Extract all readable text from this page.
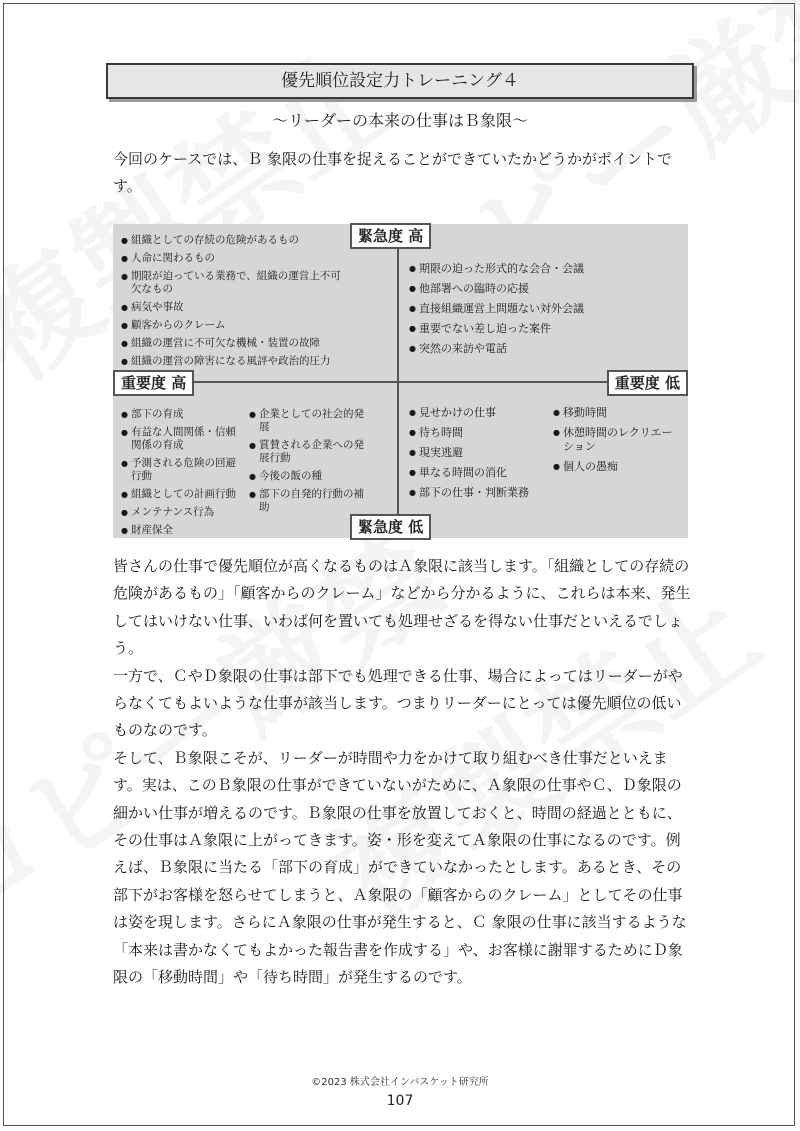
優先順位設定力トレーニング４
～リーダーの本来の仕事はＢ象限～
今回のケースでは、Ｂ 象限の仕事を捉えることができていたかどうかがポイントです。
緊急度 高
緊急度 低
重要度 高	重要度 低
● 組織としての存続の危険があるもの
● 人命に関わるもの
● 期限が迫っている業務で、組織の運営上不可欠なもの
● 病気や事故
● 顧客からのクレーム
● 組織の運営に不可欠な機械・装置の故障
● 組織の運営の障害になる風評や政治的圧力
● 期限の迫った形式的な会合・会議
● 他部署への臨時の応援
● 直接組織運営上問題ない対外会議
● 重要でない差し迫った案件
● 突然の来訪や電話
● 部下の育成
● 有益な人間関係・信頼関係の育成
● 予測される危険の回避行動
● 組織としての計画行動
● メンテナンス行為
● 財産保全
● 企業としての社会的発展
● 賞賛される企業への発展行動
● 今後の飯の種
● 部下の自発的行動の補助
● 見せかけの仕事
● 待ち時間
● 現実逃避
● 単なる時間の消化
● 部下の仕事・判断業務
● 移動時間
● 休憩時間のレクリエーション
● 個人の愚痴

皆さんの仕事で優先順位が高くなるものはＡ象限に該当します。「組織としての存続の危険があるもの」「顧客からのクレーム」などから分かるように、これらは本来、発生してはいけない仕事、いわば何を置いても処理せざるを得ない仕事だといえるでしょう。

一方で、ＣやＤ象限の仕事は部下でも処理できる仕事、場合によってはリーダーがやらなくてもよいような仕事が該当します。つまりリーダーにとっては優先順位の低いものなのです。

そして、Ｂ象限こそが、リーダーが時間や力をかけて取り組むべき仕事だといえます。実は、このＢ象限の仕事ができていないがために、Ａ象限の仕事やＣ、Ｄ象限の細かい仕事が増えるのです。Ｂ象限の仕事を放置しておくと、時間の経過とともに、その仕事はＡ象限に上がってきます。姿・形を変えてＡ象限の仕事になるのです。例えば、Ｂ象限に当たる「部下の育成」ができていなかったとします。あるとき、その部下がお客様を怒らせてしまうと、Ａ象限の「顧客からのクレーム」としてその仕事は姿を現します。さらにＡ象限の仕事が発生すると、Ｃ 象限の仕事に該当するような「本来は書かなくてもよかった報告書を作成する」や、お客様に謝罪するためにＤ象限の「移動時間」や「待ち時間」が発生するのです。

©2023 株式会社インバスケット研究所
107
